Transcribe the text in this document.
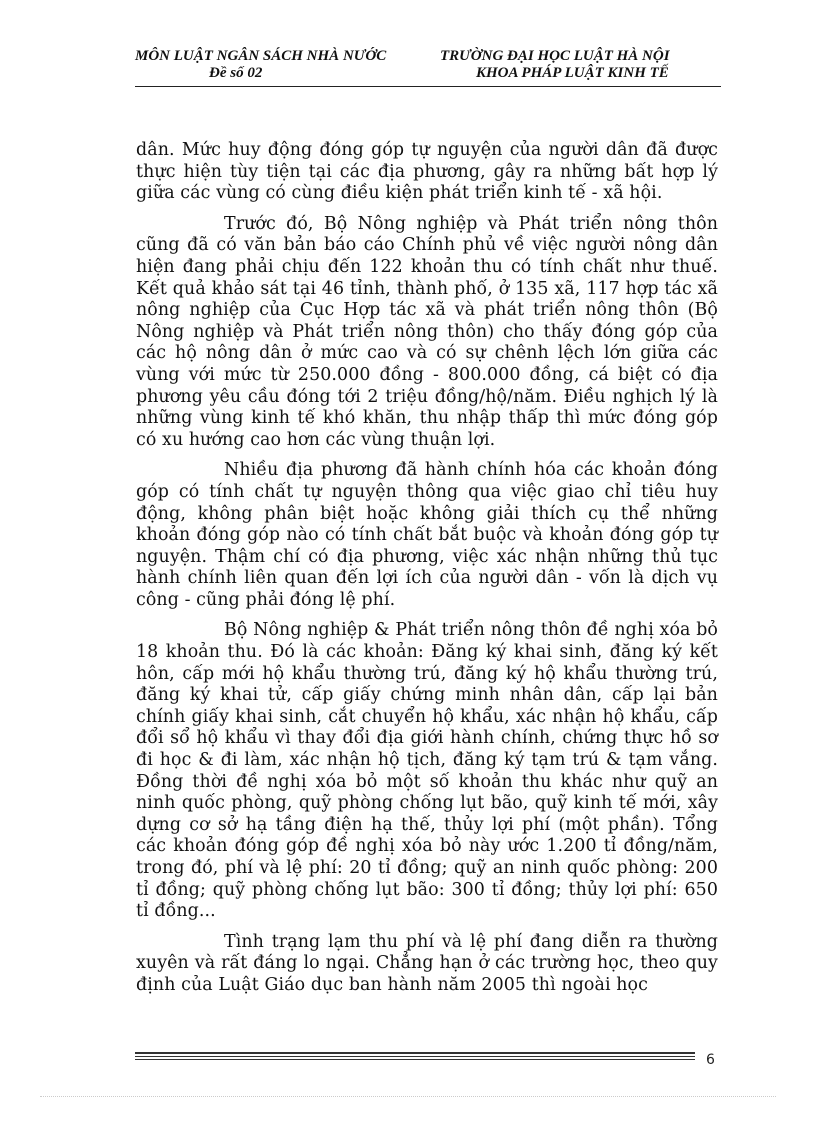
MÔN LUẬT NGÂN SÁCH NHÀ NƯỚC
Đề số 02
TRƯỜNG ĐẠI HỌC LUẬT HÀ NỘI
KHOA PHÁP LUẬT KINH TẾ

dân. Mức huy động đóng góp tự nguyện của người dân đã được thực hiện tùy tiện tại các địa phương, gây ra những bất hợp lý giữa các vùng có cùng điều kiện phát triển kinh tế - xã hội.

Trước đó, Bộ Nông nghiệp và Phát triển nông thôn cũng đã có văn bản báo cáo Chính phủ về việc người nông dân hiện đang phải chịu đến 122 khoản thu có tính chất như thuế. Kết quả khảo sát tại 46 tỉnh, thành phố, ở 135 xã, 117 hợp tác xã nông nghiệp của Cục Hợp tác xã và phát triển nông thôn (Bộ Nông nghiệp và Phát triển nông thôn) cho thấy đóng góp của các hộ nông dân ở mức cao và có sự chênh lệch lớn giữa các vùng với mức từ 250.000 đồng - 800.000 đồng, cá biệt có địa phương yêu cầu đóng tới 2 triệu đồng/hộ/năm. Điều nghịch lý là những vùng kinh tế khó khăn, thu nhập thấp thì mức đóng góp có xu hướng cao hơn các vùng thuận lợi.

Nhiều địa phương đã hành chính hóa các khoản đóng góp có tính chất tự nguyện thông qua việc giao chỉ tiêu huy động, không phân biệt hoặc không giải thích cụ thể những khoản đóng góp nào có tính chất bắt buộc và khoản đóng góp tự nguyện. Thậm chí có địa phương, việc xác nhận những thủ tục hành chính liên quan đến lợi ích của người dân - vốn là dịch vụ công - cũng phải đóng lệ phí.

Bộ Nông nghiệp & Phát triển nông thôn đề nghị xóa bỏ 18 khoản thu. Đó là các khoản: Đăng ký khai sinh, đăng ký kết hôn, cấp mới hộ khẩu thường trú, đăng ký hộ khẩu thường trú, đăng ký khai tử, cấp giấy chứng minh nhân dân, cấp lại bản chính giấy khai sinh, cắt chuyển hộ khẩu, xác nhận hộ khẩu, cấp đổi sổ hộ khẩu vì thay đổi địa giới hành chính, chứng thực hồ sơ đi học & đi làm, xác nhận hộ tịch, đăng ký tạm trú & tạm vắng. Đồng thời đề nghị xóa bỏ một số khoản thu khác như quỹ an ninh quốc phòng, quỹ phòng chống lụt bão, quỹ kinh tế mới, xây dựng cơ sở hạ tầng điện hạ thế, thủy lợi phí (một phần). Tổng các khoản đóng góp đề nghị xóa bỏ này ước 1.200 tỉ đồng/năm, trong đó, phí và lệ phí: 20 tỉ đồng; quỹ an ninh quốc phòng: 200 tỉ đồng; quỹ phòng chống lụt bão: 300 tỉ đồng; thủy lợi phí: 650 tỉ đồng...

Tình trạng lạm thu phí và lệ phí đang diễn ra thường xuyên và rất đáng lo ngại. Chẳng hạn ở các trường học, theo quy định của Luật Giáo dục ban hành năm 2005 thì ngoài học

6
